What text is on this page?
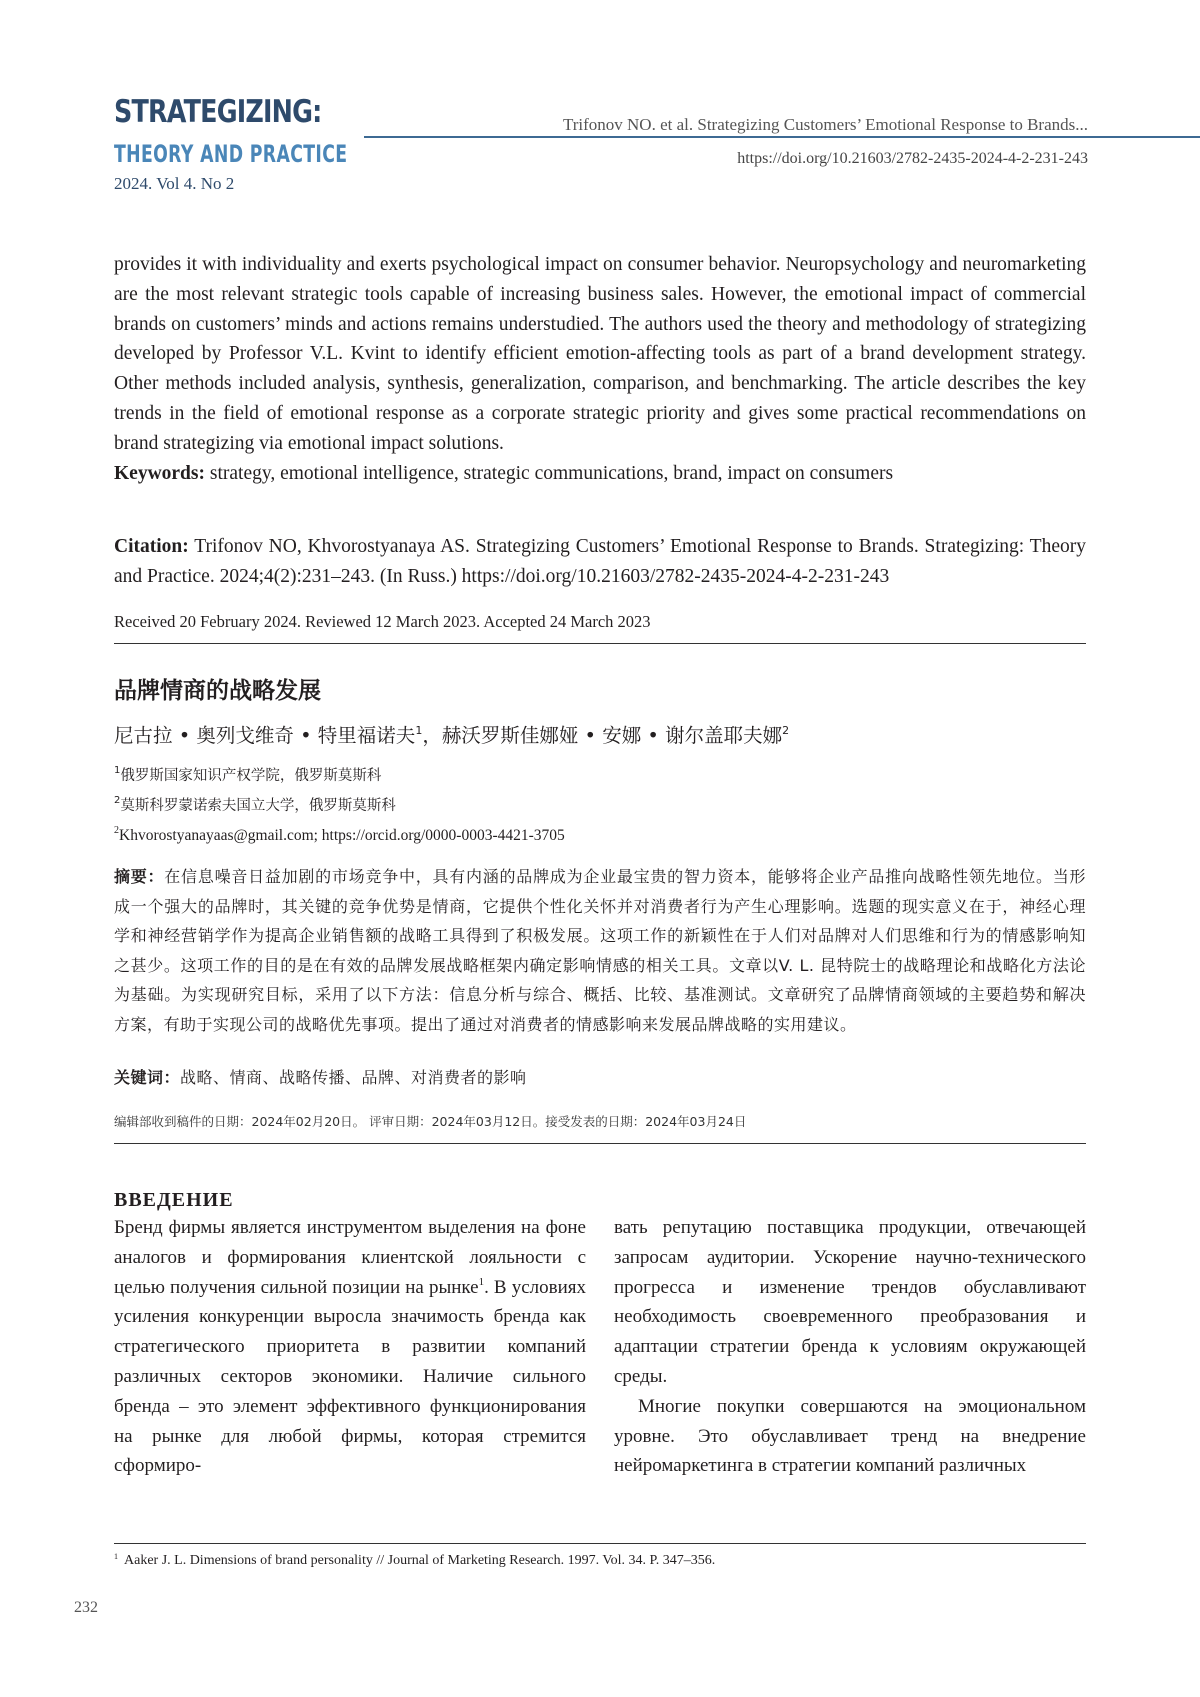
STRATEGIZING:
THEORY AND PRACTICE
2024. Vol 4. No 2
Trifonov NO. et al. Strategizing Customers’ Emotional Response to Brands...
https://doi.org/10.21603/2782-2435-2024-4-2-231-243
provides it with individuality and exerts psychological impact on consumer behavior. Neuropsychology and neuromarketing are the most relevant strategic tools capable of increasing business sales. However, the emotional impact of commercial brands on customers’ minds and actions remains understudied. The authors used the theory and methodology of strategizing developed by Professor V.L. Kvint to identify efficient emotion-affecting tools as part of a brand development strategy. Other methods included analysis, synthesis, generalization, comparison, and benchmarking. The article describes the key trends in the field of emotional response as a corporate strategic priority and gives some practical recommendations on brand strategizing via emotional impact solutions.
Keywords: strategy, emotional intelligence, strategic communications, brand, impact on consumers
Citation: Trifonov NO, Khvorostyanaya AS. Strategizing Customers’ Emotional Response to Brands. Strategizing: Theory and Practice. 2024;4(2):231–243. (In Russ.) https://doi.org/10.21603/2782-2435-2024-4-2-231-243
Received 20 February 2024. Reviewed 12 March 2023. Accepted 24 March 2023
品牌情商的战略发展
尼古拉 • 奥列戈维奇 • 特里福诺夫$^1$，赫沃罗斯佳娜娅 • 安娜 • 谢尔盖耶夫娜$^2$
$^1$俄罗斯国家知识产权学院，俄罗斯莫斯科
$^2$莫斯科罗蒙诺索夫国立大学，俄罗斯莫斯科
$^2$Khvorostyanayaas@gmail.com; https://orcid.org/0000-0003-4421-3705
摘要：在信息噪音日益加剧的市场竞争中，具有内涵的品牌成为企业最宝贵的智力资本，能够将企业产品推向战略性领先地位。当形成一个强大的品牌时，其关键的竞争优势是情商，它提供个性化关怀并对消费者行为产生心理影响。选题的现实意义在于，神经心理学和神经营销学作为提高企业销售额的战略工具得到了积极发展。这项工作的新颖性在于人们对品牌对人们思维和行为的情感影响知之甚少。这项工作的目的是在有效的品牌发展战略框架内确定影响情感的相关工具。文章以V. L. 昆特院士的战略理论和战略化方法论为基础。为实现研究目标，采用了以下方法：信息分析与综合、概括、比较、基准测试。文章研究了品牌情商领域的主要趋势和解决方案，有助于实现公司的战略优先事项。提出了通过对消费者的情感影响来发展品牌战略的实用建议。
关键词：战略、情商、战略传播、品牌、对消费者的影响
编辑部收到稿件的日期：2024年02月20日。 评审日期：2024年03月12日。接受发表的日期：2024年03月24日
ВВЕДЕНИЕ
Бренд фирмы является инструментом выделения на фоне аналогов и формирования клиентской лояльности с целью получения сильной позиции на рынке$^1$. В условиях усиления конкуренции выросла значимость бренда как стратегического приоритета в развитии компаний различных секторов экономики. Наличие сильного бренда – это элемент эффективного функционирования на рынке для любой фирмы, которая стремится сформиро-
вать репутацию поставщика продукции, отвечающей запросам аудитории. Ускорение научно-технического прогресса и изменение трендов обуславливают необходимость своевременного преобразования и адаптации стратегии бренда к условиям окружающей среды.
Многие покупки совершаются на эмоциональном уровне. Это обуславливает тренд на внедрение нейромаркетинга в стратегии компаний различных
$^1$ Aaker J. L. Dimensions of brand personality // Journal of Marketing Research. 1997. Vol. 34. P. 347–356.
232
